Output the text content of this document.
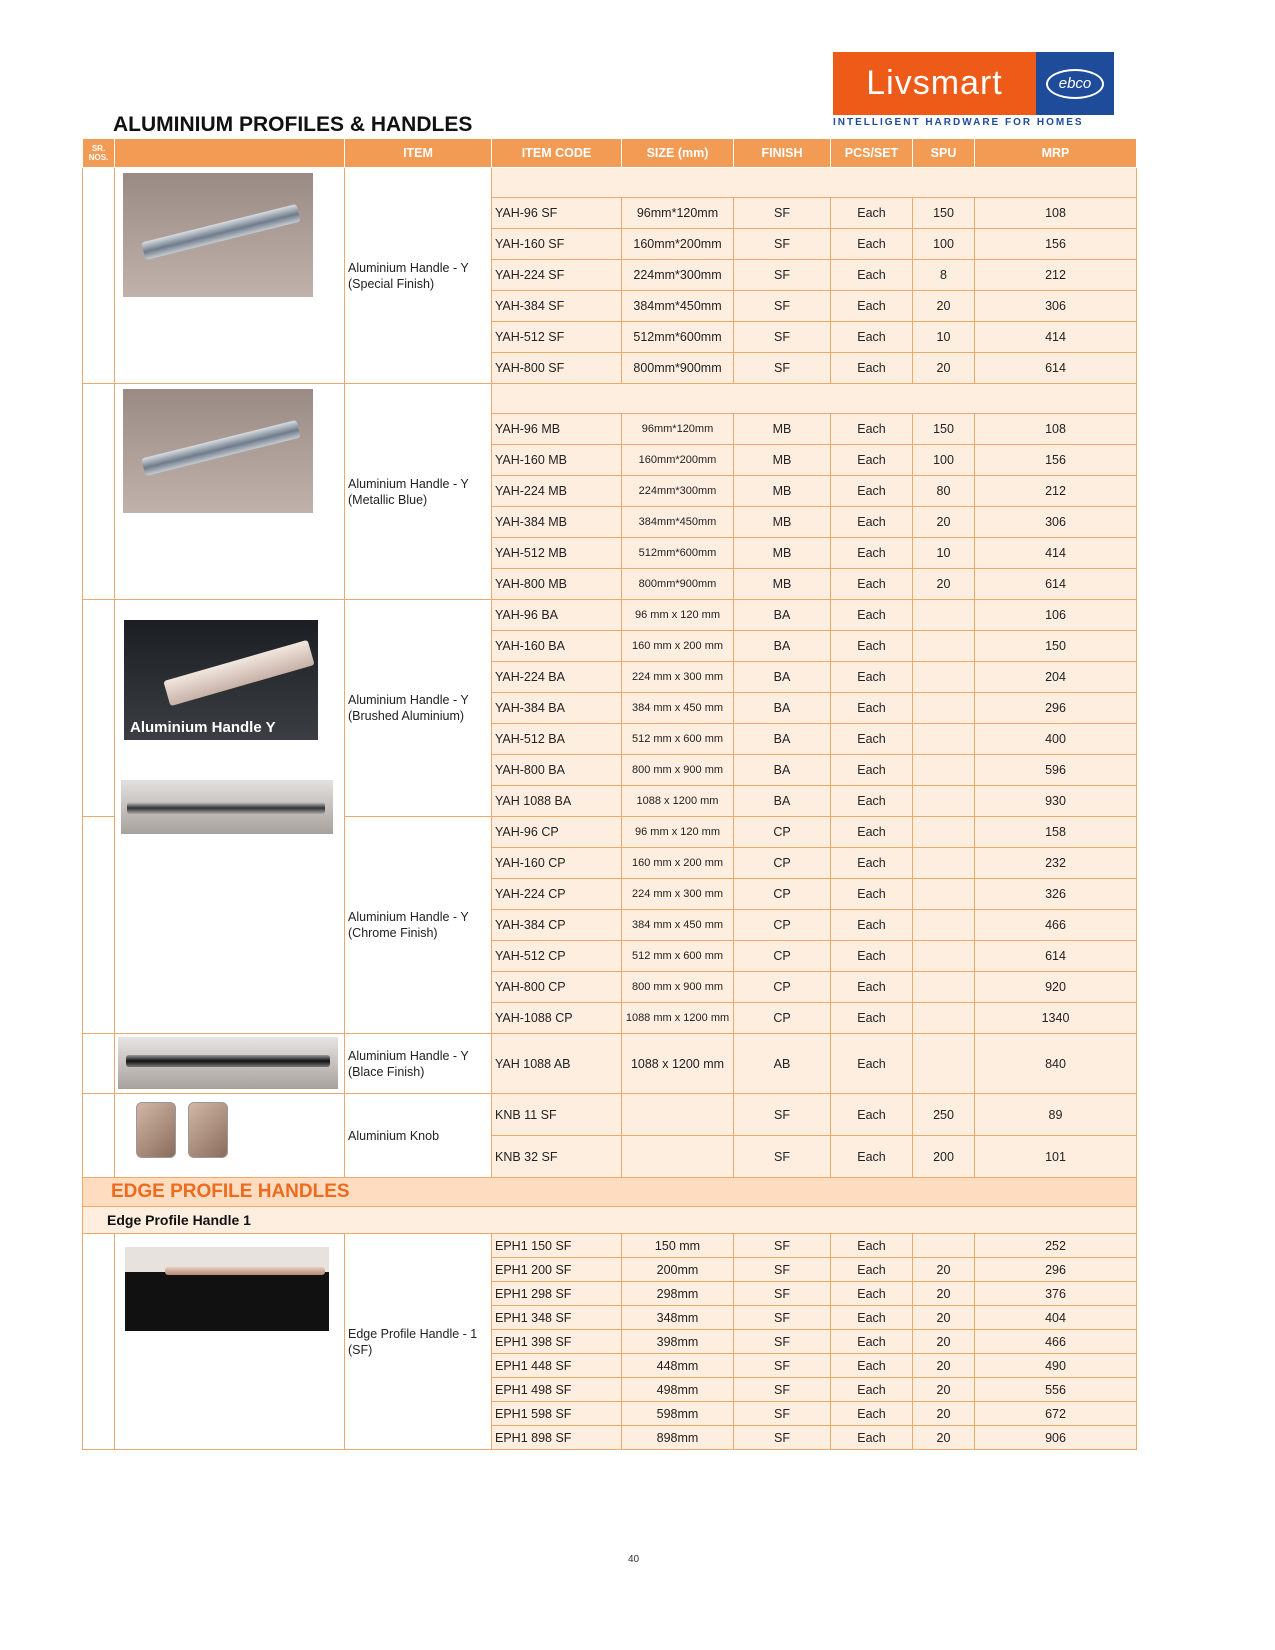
Livsmart	ebco
INTELLIGENT HARDWARE FOR HOMES
ALUMINIUM PROFILES & HANDLES
SR. NOS.		ITEM	ITEM CODE	SIZE (mm)	FINISH	PCS/SET	SPU	MRP

	Aluminium Handle - Y (Special Finish)						
			YAH-96 SF	96mm*120mm	SF	Each	150	108
			YAH-160 SF	160mm*200mm	SF	Each	100	156
			YAH-224 SF	224mm*300mm	SF	Each	8	212
			YAH-384 SF	384mm*450mm	SF	Each	20	306
			YAH-512 SF	512mm*600mm	SF	Each	10	414
			YAH-800 SF	800mm*900mm	SF	Each	20	614

	Aluminium Handle - Y (Metallic Blue)						
			YAH-96 MB	96mm*120mm	MB	Each	150	108
			YAH-160 MB	160mm*200mm	MB	Each	100	156
			YAH-224 MB	224mm*300mm	MB	Each	80	212
			YAH-384 MB	384mm*450mm	MB	Each	20	306
			YAH-512 MB	512mm*600mm	MB	Each	10	414
			YAH-800 MB	800mm*900mm	MB	Each	20	614

	Aluminium Handle Y	Aluminium Handle - Y (Brushed Aluminium)	YAH-96 BA	96 mm x 120 mm	BA	Each		106
			YAH-160 BA	160 mm x 200 mm	BA	Each		150
			YAH-224 BA	224 mm x 300 mm	BA	Each		204
			YAH-384 BA	384 mm x 450 mm	BA	Each		296
			YAH-512 BA	512 mm x 600 mm	BA	Each		400
			YAH-800 BA	800 mm x 900 mm	BA	Each		596
			YAH 1088 BA	1088 x 1200 mm	BA	Each		930
		Aluminium Handle - Y (Chrome Finish)	YAH-96 CP	96 mm x 120 mm	CP	Each		158
			YAH-160 CP	160 mm x 200 mm	CP	Each		232
			YAH-224 CP	224 mm x 300 mm	CP	Each		326
			YAH-384 CP	384 mm x 450 mm	CP	Each		466
			YAH-512 CP	512 mm x 600 mm	CP	Each		614
			YAH-800 CP	800 mm x 900 mm	CP	Each		920
			YAH-1088 CP	1088 mm x 1200 mm	CP	Each		1340

	Aluminium Handle - Y (Blace Finish)	YAH 1088 AB	1088 x 1200 mm	AB	Each		840

	Aluminium Knob	KNB 11 SF		SF	Each	250	89
			KNB 32 SF		SF	Each	200	101
EDGE PROFILE HANDLES								
Edge Profile Handle 1								

	Edge Profile Handle - 1 (SF)	EPH1 150 SF	150 mm	SF	Each		252
			EPH1 200 SF	200mm	SF	Each	20	296
			EPH1 298 SF	298mm	SF	Each	20	376
			EPH1 348 SF	348mm	SF	Each	20	404
			EPH1 398 SF	398mm	SF	Each	20	466
			EPH1 448 SF	448mm	SF	Each	20	490
			EPH1 498 SF	498mm	SF	Each	20	556
			EPH1 598 SF	598mm	SF	Each	20	672
			EPH1 898 SF	898mm	SF	Each	20	906
40
